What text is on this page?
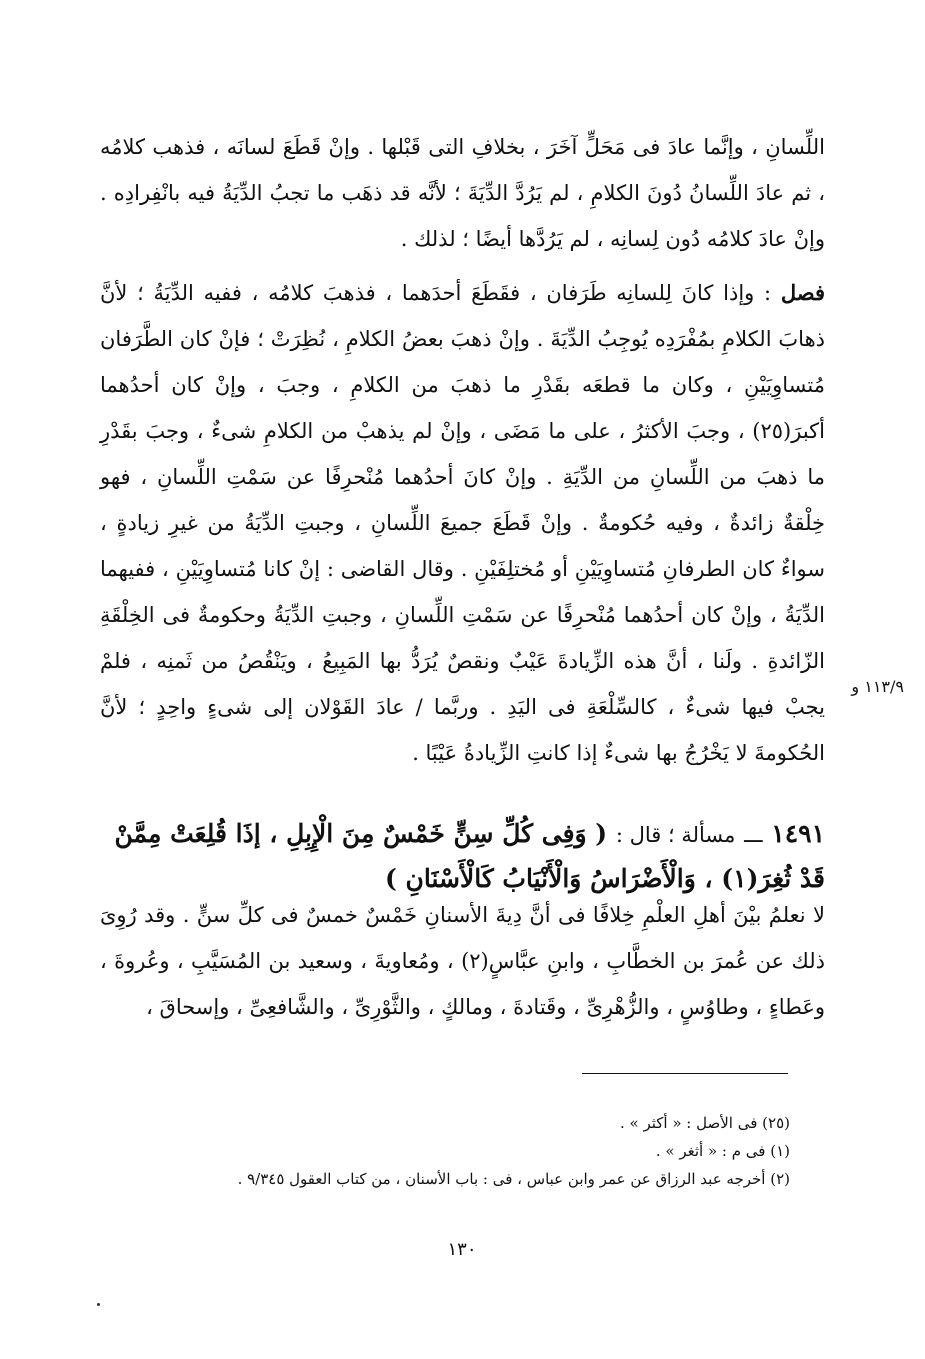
اللِّسانِ ، وإنَّما عادَ فى مَحَلٍّ آخَرَ ، بخلافِ التى قَبْلها . وإنْ قَطَعَ لسانَه ، فذهب كلامُه ، ثم عادَ اللِّسانُ دُونَ الكلامِ ، لم يَرُدَّ الدِّيَةَ ؛ لأنَّه قد ذهَب ما تجبُ الدِّيَةُ فيه بانْفِرادِه . وإنْ عادَ كلامُه دُون لِسانِه ، لم يَرُدَّها أيضًا ؛ لذلك .

فصل : وإذا كانَ لِلسانِه طَرَفان ، فقَطَعَ أحدَهما ، فذهبَ كلامُه ، ففيه الدِّيَةُ ؛ لأنَّ ذهابَ الكلامِ بمُفْرَدِه يُوجِبُ الدِّيَةَ . وإنْ ذهبَ بعضُ الكلامِ ، نُظِرَتْ ؛ فإنْ كان الطَّرَفان مُتساوِيَيْنِ ، وكان ما قطعَه بقَدْرِ ما ذهبَ من الكلامِ ، وجبَ ، وإنْ كان أحدُهما أكبرَ(٢٥) ، وجبَ الأكثرُ ، على ما مَضَى ، وإنْ لم يذهبْ من الكلامِ شىءٌ ، وجبَ بقَدْرِ ما ذهبَ من اللِّسانِ من الدِّيَةِ . وإنْ كانَ أحدُهما مُنْحرِفًا عن سَمْتِ اللِّسانِ ، فهو خِلْقةٌ زائدةٌ ، وفيه حُكومةٌ . وإنْ قَطَعَ جميعَ اللِّسانِ ، وجبتِ الدِّيَةُ من غيرِ زيادةٍ ، سواءٌ كان الطرفانِ مُتساوِيَيْنِ أو مُختلِفَيْنِ . وقال القاضى : إنْ كانا مُتساوِيَيْنِ ، ففيهما الدِّيَةُ ، وإنْ كان أحدُهما مُنْحرِفًا عن سَمْتِ اللِّسانِ ، وجبتِ الدِّيَةُ وحكومةٌ فى الخِلْقَةِ الزّائدةِ . ولَنا ، أنَّ هذه الزِّيادةَ عَيْبٌ ونقصٌ يُرَدُّ بها المَبِيعُ ، ويَنْقُصُ من ثَمنِه ، فلمْ يجبْ فيها شىءٌ ، كالسِّلْعَةِ فى اليَدِ . وربَّما / عادَ القَوْلان إلى شىءٍ واحِدٍ ؛ لأنَّ الحُكومةَ لا يَخْرُجُ بها شىءٌ إذا كانتِ الزِّيادةُ عَيْبًا .

١١٣/٩ و

١٤٩١ ـــ مسألة ؛ قال : ( وَفِى كُلِّ سِنٍّ خَمْسٌ مِنَ الْإِبِلِ ، إذَا قُلِعَتْ مِمَّنْ قَدْ ثُغِرَ(١) ، وَالْأَضْرَاسُ وَالْأَنْيَابُ كَالْأَسْنَانِ )

لا نعلمُ بيْنَ أهلِ العلْمِ خِلافًا فى أنَّ دِيةَ الأسنانِ خَمْسٌ خمسٌ فى كلِّ سنٍّ . وقد رُوِىَ ذلك عن عُمرَ بن الخطَّابِ ، وابنِ عبَّاسٍ(٢) ، ومُعاويةَ ، وسعيد بن المُسَيَّبِ ، وعُروةَ ، وعَطاءٍ ، وطاوُسٍ ، والزُّهْرِىِّ ، وقَتادةَ ، ومالكٍ ، والثَّوْرِىِّ ، والشَّافعِىِّ ، وإسحاقَ ،

(٢٥) فى الأصل : « أكثر » .
(١) فى م : « أثغر » .
(٢) أخرجه عبد الرزاق عن عمر وابن عباس ، فى : باب الأسنان ، من كتاب العقول ٩/٣٤٥ .
١٣٠
